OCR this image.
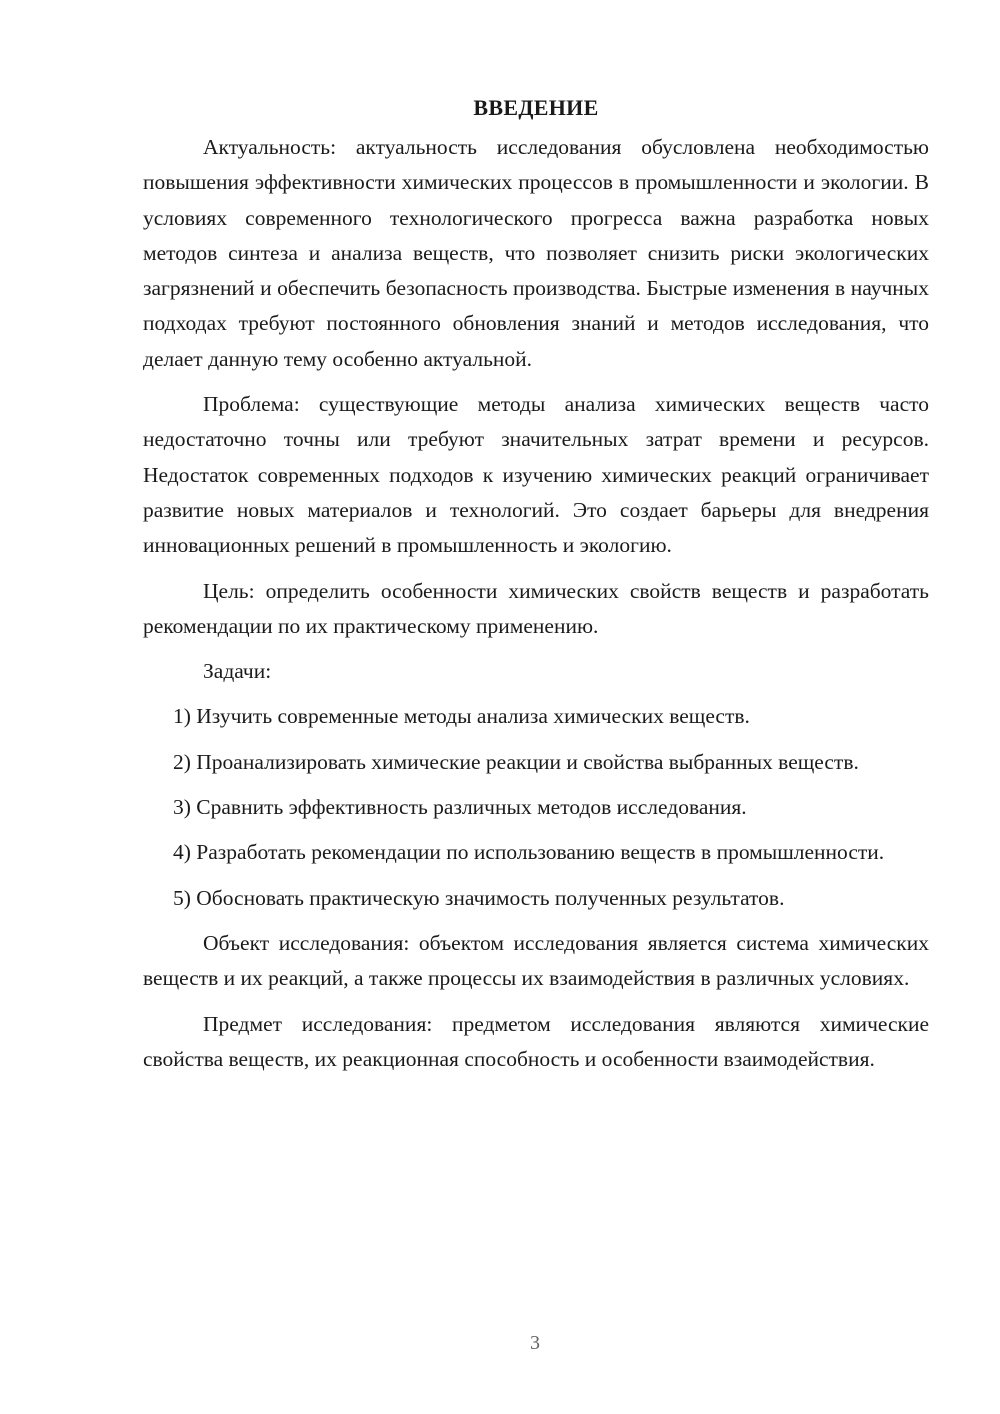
ВВЕДЕНИЕ

Актуальность: актуальность исследования обусловлена необходимостью повышения эффективности химических процессов в промышленности и экологии. В условиях современного технологического прогресса важна разработка новых методов синтеза и анализа веществ, что позволяет снизить риски экологических загрязнений и обеспечить безопасность производства. Быстрые изменения в научных подходах требуют постоянного обновления знаний и методов исследования, что делает данную тему особенно актуальной.

Проблема: существующие методы анализа химических веществ часто недостаточно точны или требуют значительных затрат времени и ресурсов. Недостаток современных подходов к изучению химических реакций ограничивает развитие новых материалов и технологий. Это создает барьеры для внедрения инновационных решений в промышленность и экологию.

Цель: определить особенности химических свойств веществ и разработать рекомендации по их практическому применению.

Задачи:

1) Изучить современные методы анализа химических веществ.

2) Проанализировать химические реакции и свойства выбранных веществ.

3) Сравнить эффективность различных методов исследования.

4) Разработать рекомендации по использованию веществ в промышленности.

5) Обосновать практическую значимость полученных результатов.

Объект исследования: объектом исследования является система химических веществ и их реакций, а также процессы их взаимодействия в различных условиях.

Предмет исследования: предметом исследования являются химические свойства веществ, их реакционная способность и особенности взаимодействия.

3
